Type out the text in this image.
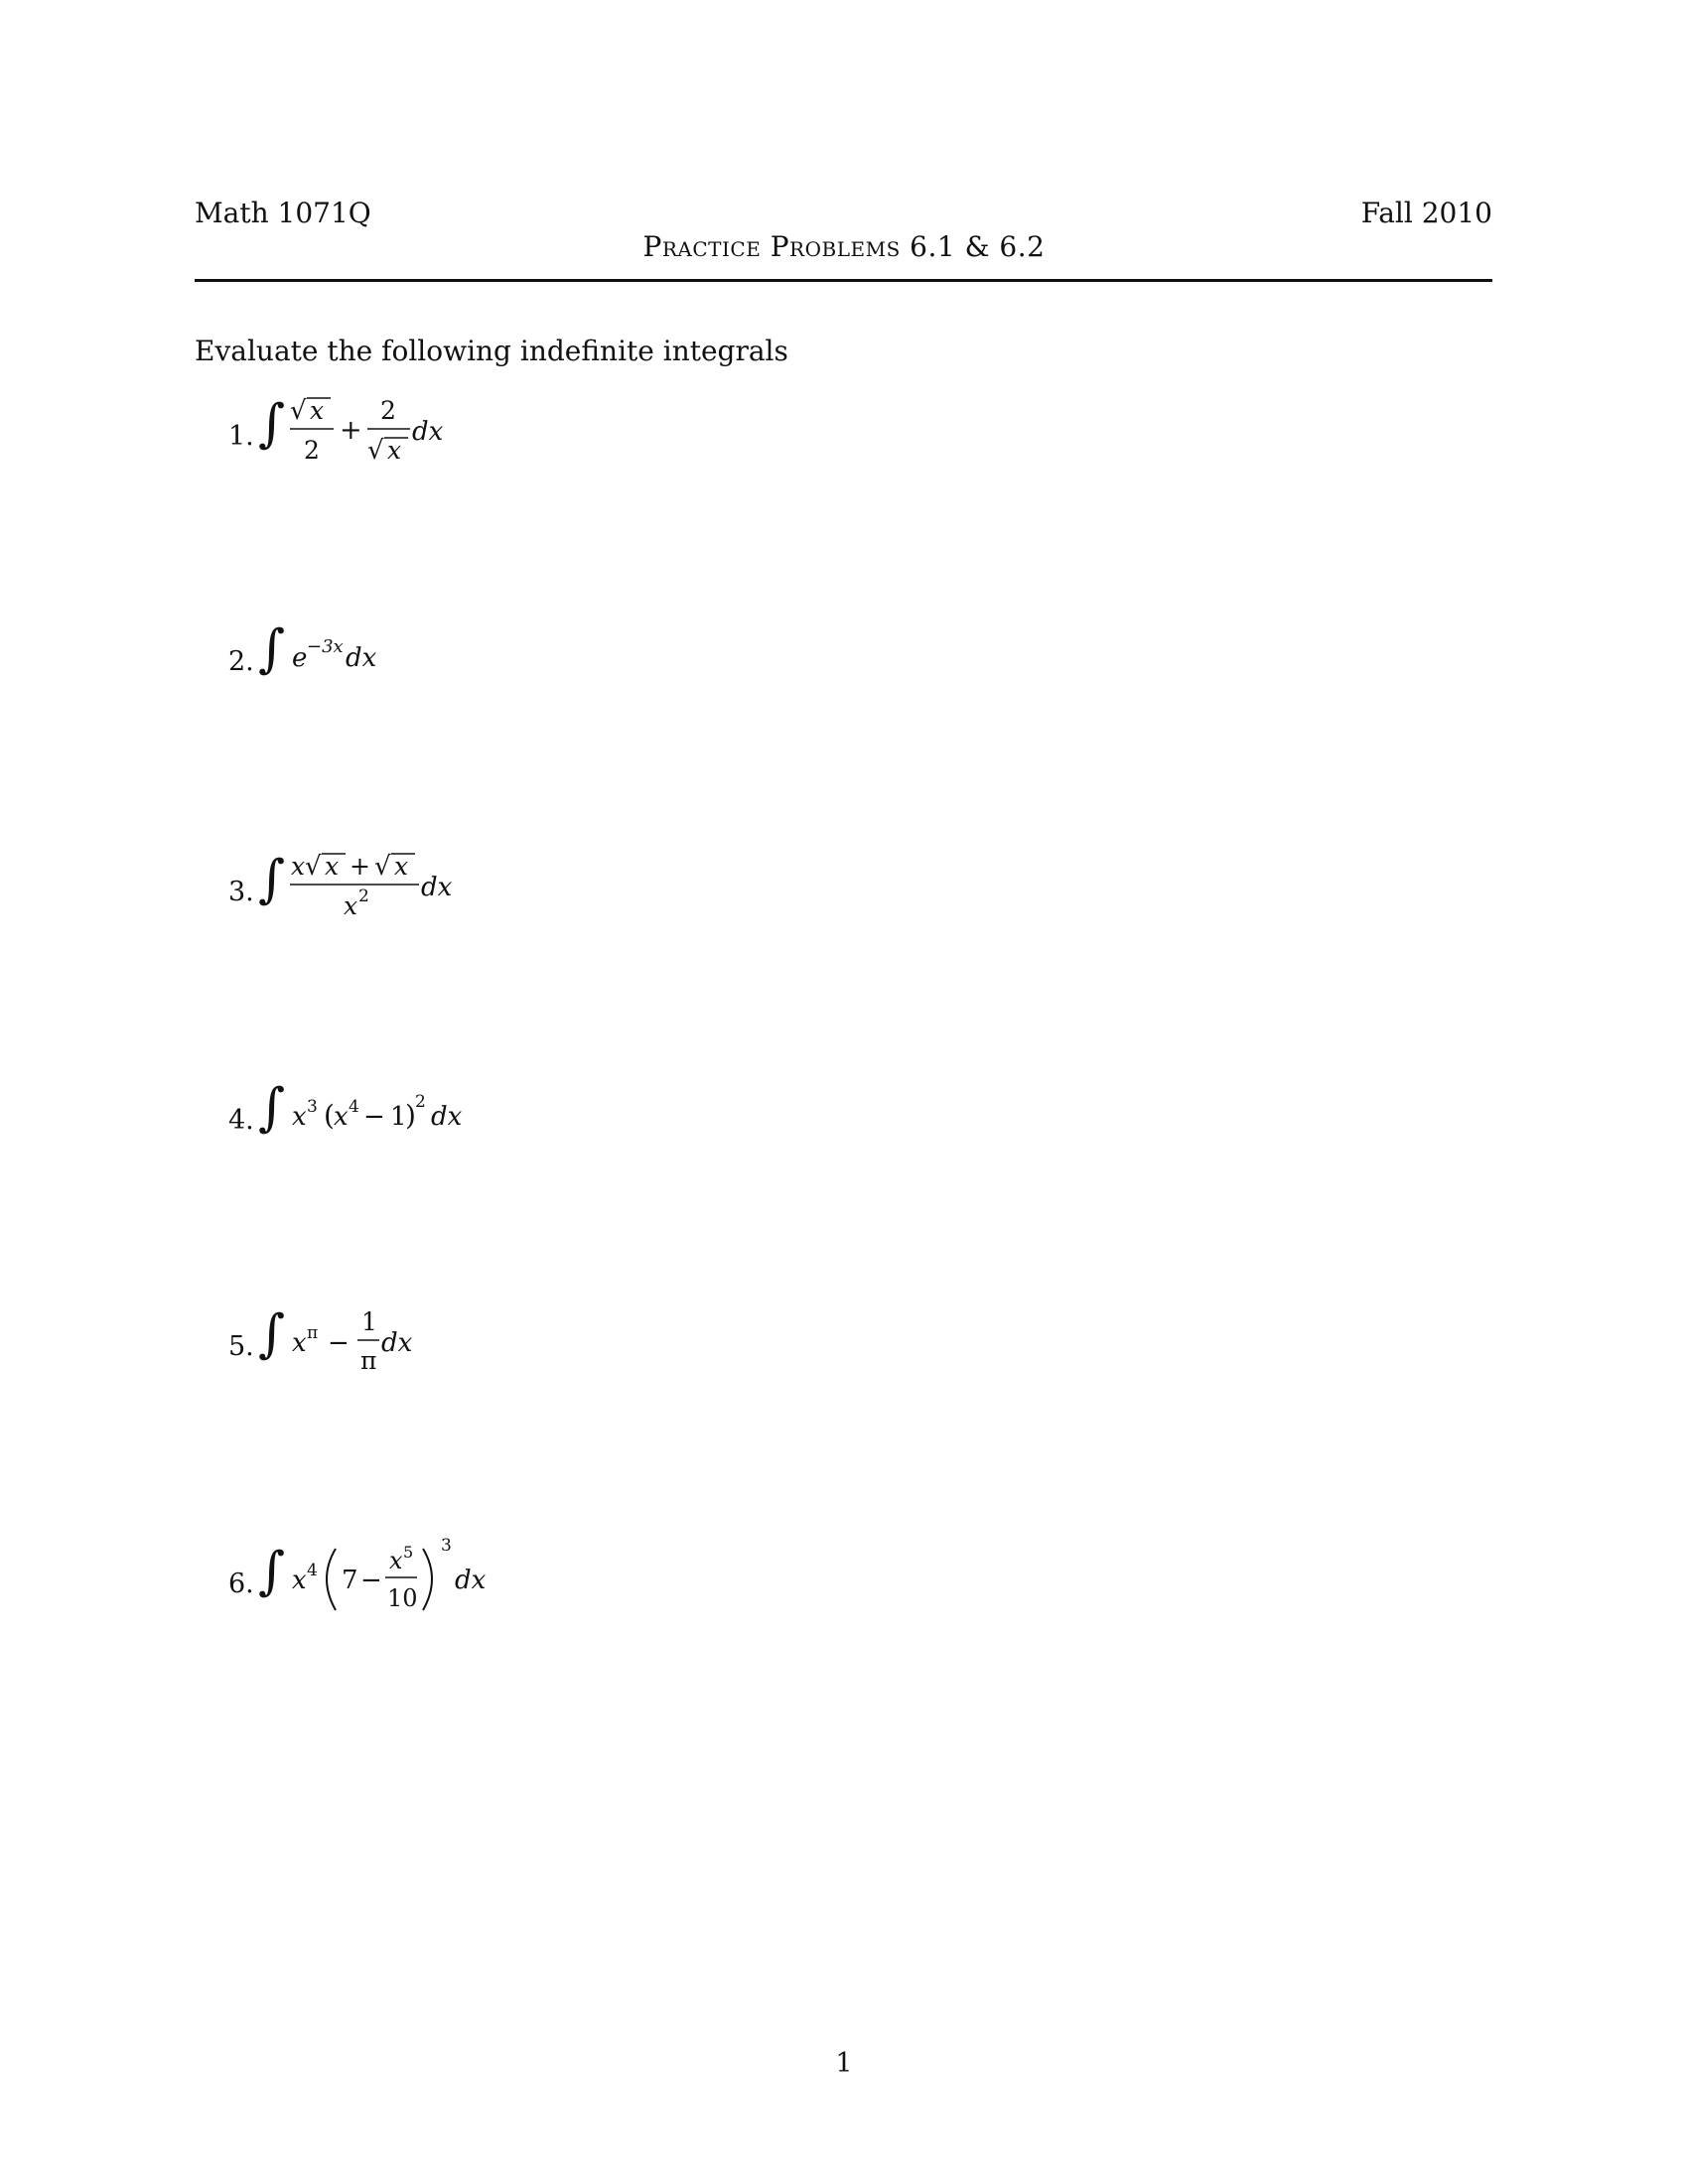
Math 1071Q	Fall 2010
Practice Problems 6.1 & 6.2
Evaluate the following indefinite integrals
1. ∫ √ x
2
+
2
√ x
dx
2. ∫ e −3x dx
3. ∫ x √ x + √ x
x 2 dx
4. ∫ x 3 ( x 4 − 1
) 2 dx
5. ∫ x π −
1
π
dx
6. ∫ x 4 7 −
x 5
10
3
dx
1
